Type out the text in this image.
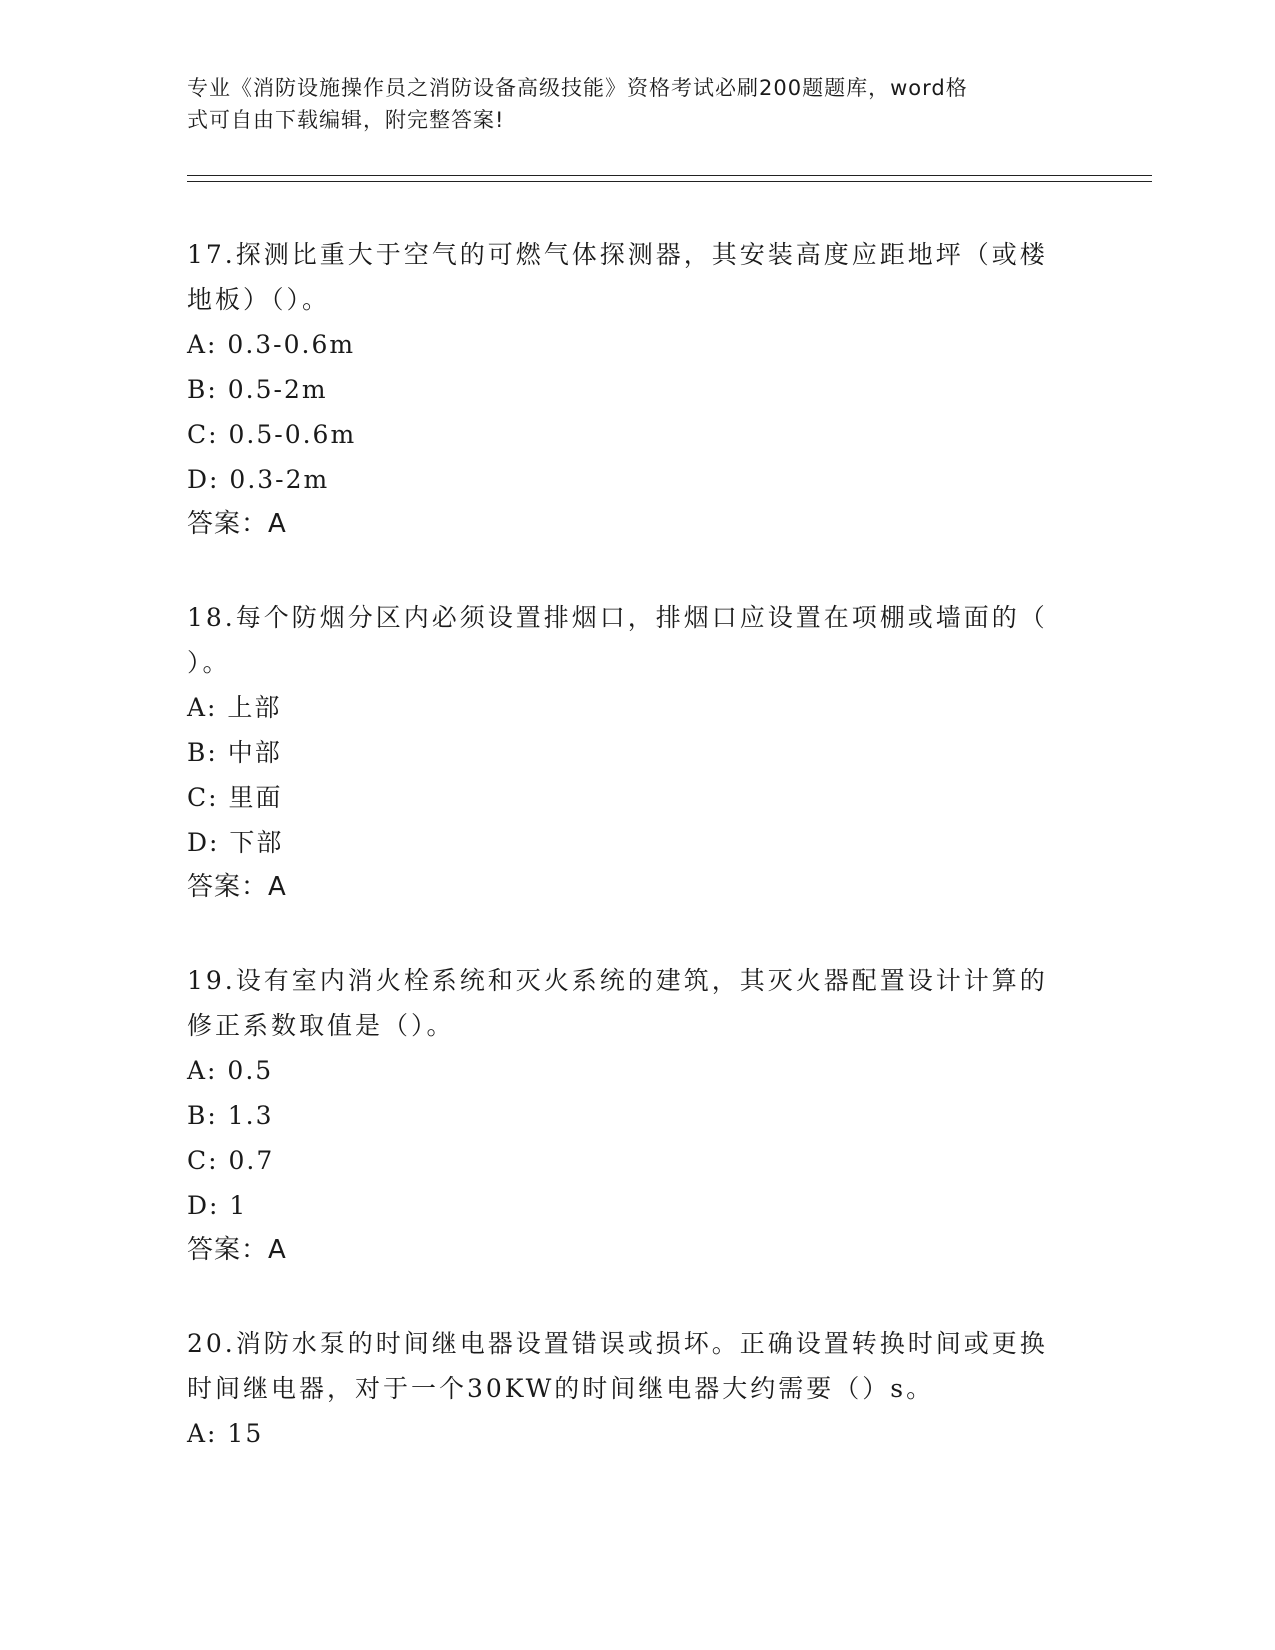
专业《消防设施操作员之消防设备高级技能》资格考试必刷200题题库，word格

式可自由下载编辑，附完整答案!

17.探测比重大于空气的可燃气体探测器，其安装高度应距地坪（或楼
地板）（）。

A: 0.3-0.6m

B: 0.5-2m

C: 0.5-0.6m

D: 0.3-2m

答案：A

18.每个防烟分区内必须设置排烟口，排烟口应设置在项棚或墙面的（
）。

A: 上部

B: 中部

C: 里面

D: 下部

答案：A

19.设有室内消火栓系统和灭火系统的建筑，其灭火器配置设计计算的
修正系数取值是（）。

A: 0.5

B: 1.3

C: 0.7

D: 1

答案：A

20.消防水泵的时间继电器设置错误或损坏。正确设置转换时间或更换
时间继电器，对于一个30KW的时间继电器大约需要（）s。

A: 15
